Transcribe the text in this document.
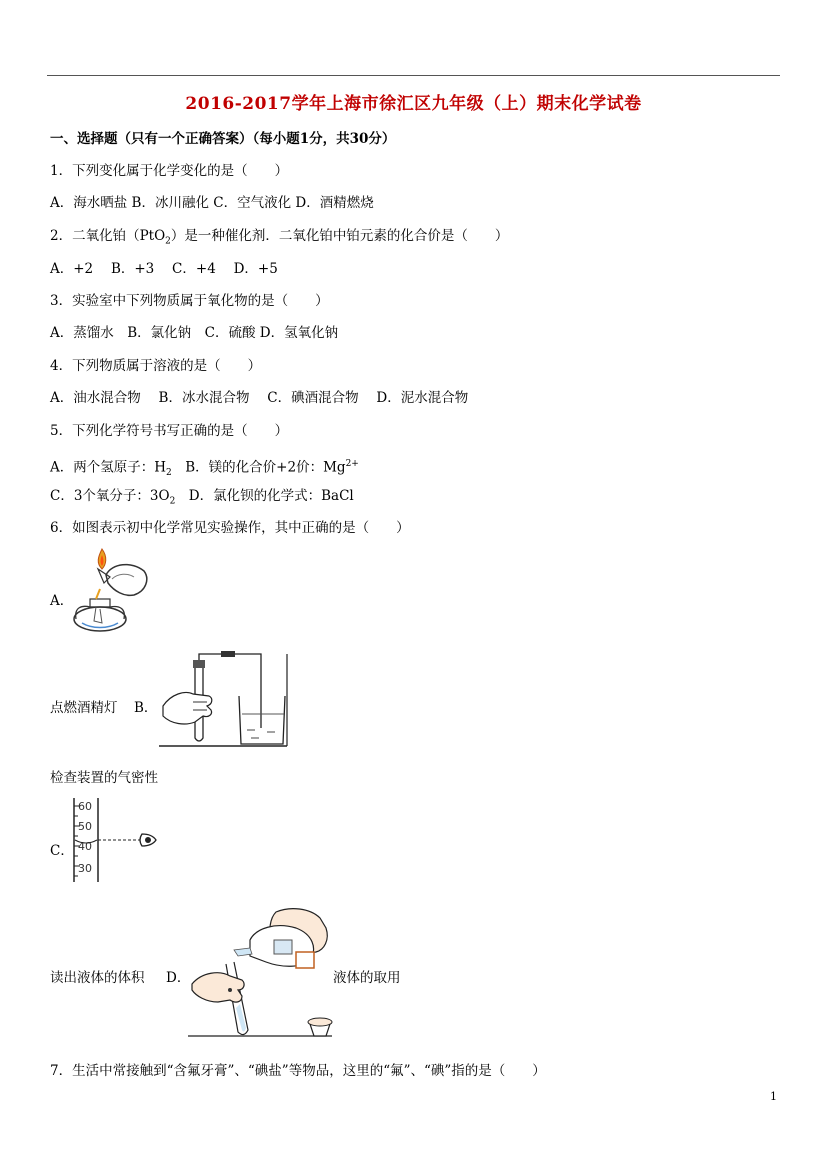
2016-2017学年上海市徐汇区九年级（上）期末化学试卷
一、选择题（只有一个正确答案）（每小题1分，共30分）
1．下列变化属于化学变化的是（　　）
A．海水晒盐 B．冰川融化 C．空气液化 D．酒精燃烧
2．二氧化铂（PtO$_2$）是一种催化剂．二氧化铂中铂元素的化合价是（　　）
A．+2　 B．+3　 C．+4　 D．+5
3．实验室中下列物质属于氧化物的是（　　）
A．蒸馏水　B．氯化钠　C．硫酸 D．氢氧化钠
4．下列物质属于溶液的是（　　）
A．油水混合物　 B．冰水混合物　 C．碘酒混合物　 D．泥水混合物
5．下列化学符号书写正确的是（　　）
A．两个氢原子：$H_2$　B．镁的化合价+2价：$Mg^{2+}$
C．3个氧分子：$3O_2$　D．氯化钡的化学式：BaCl
6．如图表示初中化学常见实验操作，其中正确的是（　　）
A．
点燃酒精灯 B．
检查装置的气密性
C．
60
50
40
30
读出液体的体积 D．	液体的取用
7．生活中常接触到“含氟牙膏”、“碘盐”等物品，这里的“氟”、“碘”指的是（　　）
1
